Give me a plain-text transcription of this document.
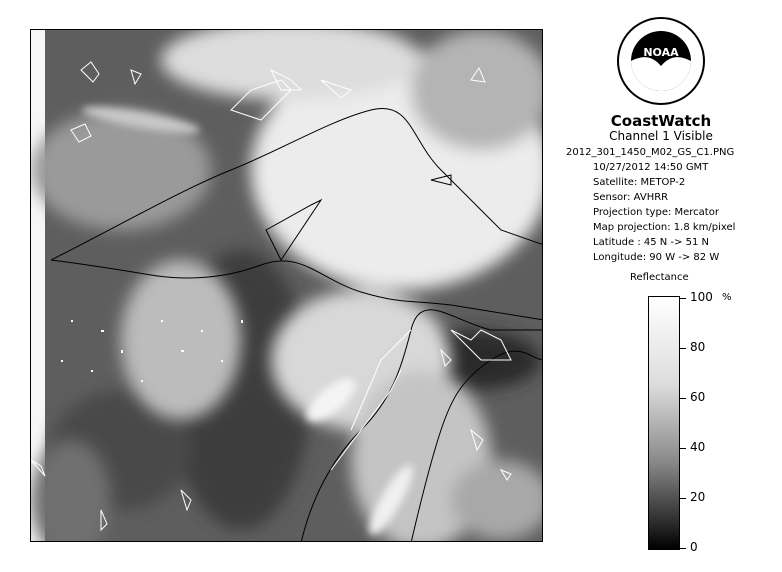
NOAA
CoastWatch
Channel 1 Visible
2012_301_1450_M02_GS_C1.PNG
10/27/2012 14:50 GMT
Satellite: METOP-2
Sensor: AVHRR
Projection type: Mercator
Map projection: 1.8 km/pixel
Latitude : 45 N -> 51 N
Longitude: 90 W -> 82 W
Reflectance
%
100
80
60
40
20
0
